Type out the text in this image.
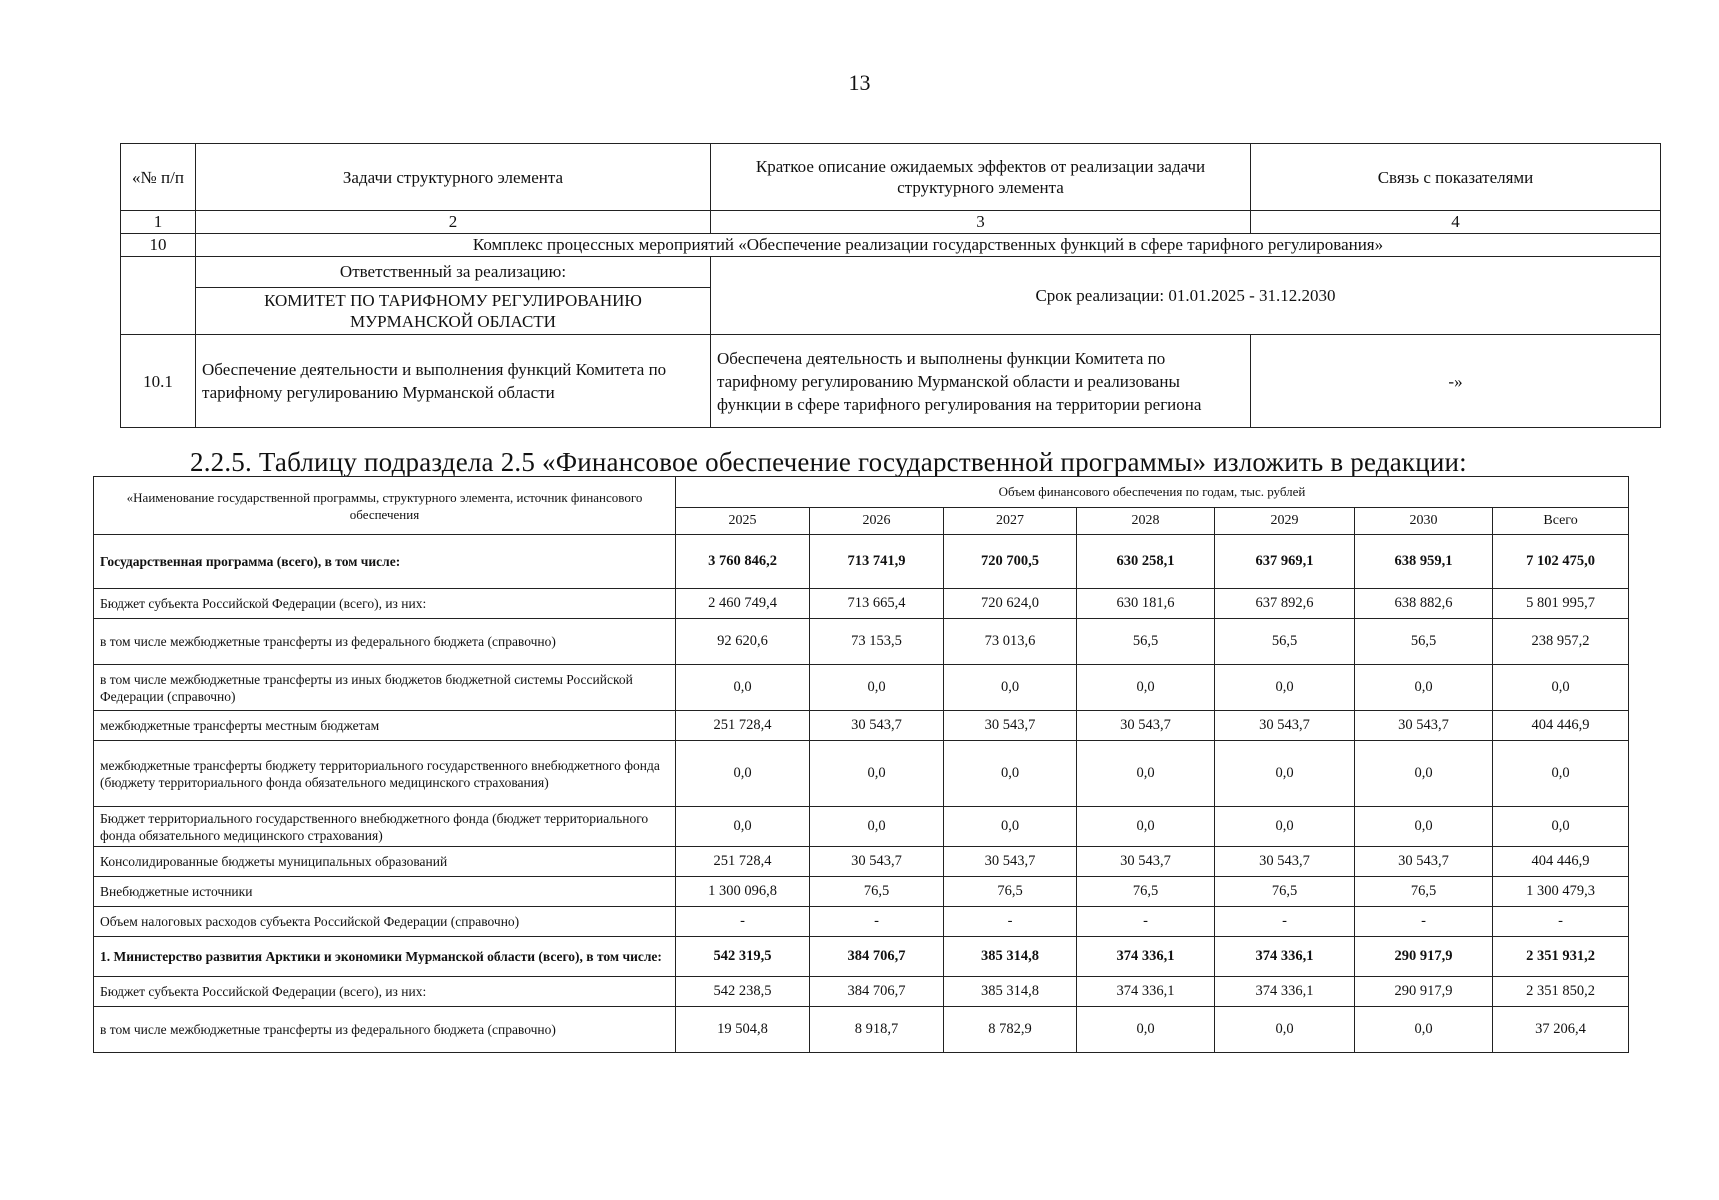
13
«№ п/п	Задачи структурного элемента	Краткое описание ожидаемых эффектов от реализации задачи структурного элемента	Связь с показателями
1	2	3	4
10	Комплекс процессных мероприятий «Обеспечение реализации государственных функций в сфере тарифного регулирования»		
	Ответственный за реализацию:	Срок реализации: 01.01.2025 - 31.12.2030	
	КОМИТЕТ ПО ТАРИФНОМУ РЕГУЛИРОВАНИЮ МУРМАНСКОЙ ОБЛАСТИ		
10.1	Обеспечение деятельности и выполнения функций Комитета по тарифному регулированию Мурманской области	Обеспечена деятельность и выполнены функции Комитета по тарифному регулированию Мурманской области и реализованы функции в сфере тарифного регулирования на территории региона	-»
2.2.5. Таблицу подраздела 2.5 «Финансовое обеспечение государственной программы» изложить в редакции:
«Наименование государственной программы, структурного элемента, источник финансового обеспечения	Объем финансового обеспечения по годам, тыс. рублей						
	2025	2026	2027	2028	2029	2030	Всего
Государственная программа (всего), в том числе:	3 760 846,2	713 741,9	720 700,5	630 258,1	637 969,1	638 959,1	7 102 475,0
Бюджет субъекта Российской Федерации (всего), из них:	2 460 749,4	713 665,4	720 624,0	630 181,6	637 892,6	638 882,6	5 801 995,7
в том числе межбюджетные трансферты из федерального бюджета (справочно)	92 620,6	73 153,5	73 013,6	56,5	56,5	56,5	238 957,2
в том числе межбюджетные трансферты из иных бюджетов бюджетной системы Российской Федерации (справочно)	0,0	0,0	0,0	0,0	0,0	0,0	0,0
межбюджетные трансферты местным бюджетам	251 728,4	30 543,7	30 543,7	30 543,7	30 543,7	30 543,7	404 446,9
межбюджетные трансферты бюджету территориального государственного внебюджетного фонда (бюджету территориального фонда обязательного медицинского страхования)	0,0	0,0	0,0	0,0	0,0	0,0	0,0
Бюджет территориального государственного внебюджетного фонда (бюджет территориального фонда обязательного медицинского страхования)	0,0	0,0	0,0	0,0	0,0	0,0	0,0
Консолидированные бюджеты муниципальных образований	251 728,4	30 543,7	30 543,7	30 543,7	30 543,7	30 543,7	404 446,9
Внебюджетные источники	1 300 096,8	76,5	76,5	76,5	76,5	76,5	1 300 479,3
Объем налоговых расходов субъекта Российской Федерации (справочно)	-	-	-	-	-	-	-
1. Министерство развития Арктики и экономики Мурманской области (всего), в том числе:	542 319,5	384 706,7	385 314,8	374 336,1	374 336,1	290 917,9	2 351 931,2
Бюджет субъекта Российской Федерации (всего), из них:	542 238,5	384 706,7	385 314,8	374 336,1	374 336,1	290 917,9	2 351 850,2
в том числе межбюджетные трансферты из федерального бюджета (справочно)	19 504,8	8 918,7	8 782,9	0,0	0,0	0,0	37 206,4
